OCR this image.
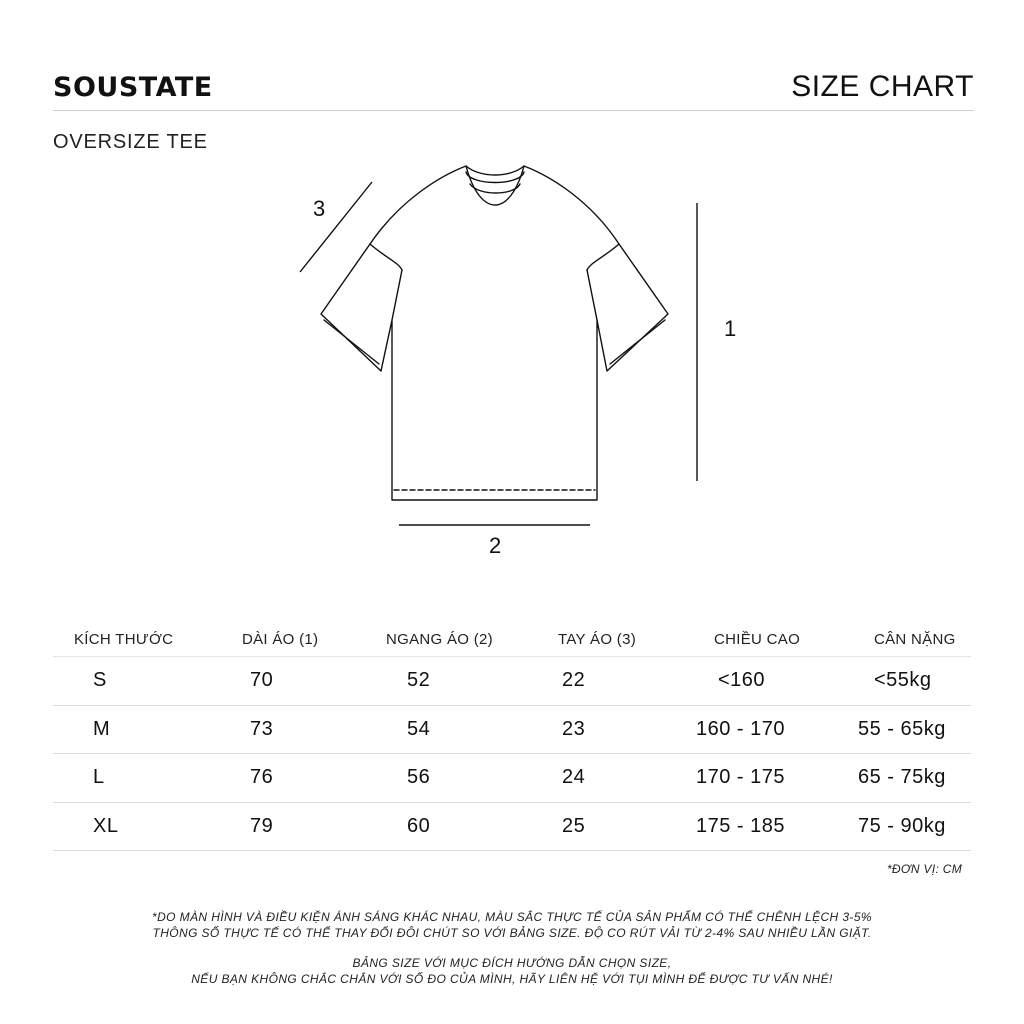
SOUSTATE	SIZE CHART
OVERSIZE TEE
1
2
3
KÍCH THƯỚC	DÀI ÁO (1)	NGANG ÁO (2)	TAY ÁO (3)	CHIỀU CAO	CÂN NẶNG
S	70	52	22	<160	<55kg
M	73	54	23	160 - 170	55 - 65kg
L	76	56	24	170 - 175	65 - 75kg
XL	79	60	25	175 - 185	75 - 90kg
*ĐƠN VỊ: CM
*DO MÀN HÌNH VÀ ĐIỀU KIỆN ÁNH SÁNG KHÁC NHAU, MÀU SẮC THỰC TẾ CỦA SẢN PHẨM CÓ THỂ CHÊNH LỆCH 3-5%
THÔNG SỐ THỰC TẾ CÓ THỂ THAY ĐỔI ĐÔI CHÚT SO VỚI BẢNG SIZE. ĐỘ CO RÚT VẢI TỪ 2-4% SAU NHIỀU LẦN GIẶT.
BẢNG SIZE VỚI MỤC ĐÍCH HƯỚNG DẪN CHỌN SIZE,
NẾU BẠN KHÔNG CHẮC CHẮN VỚI SỐ ĐO CỦA MÌNH, HÃY LIÊN HỆ VỚI TỤI MÌNH ĐỂ ĐƯỢC TƯ VẤN NHÉ!
